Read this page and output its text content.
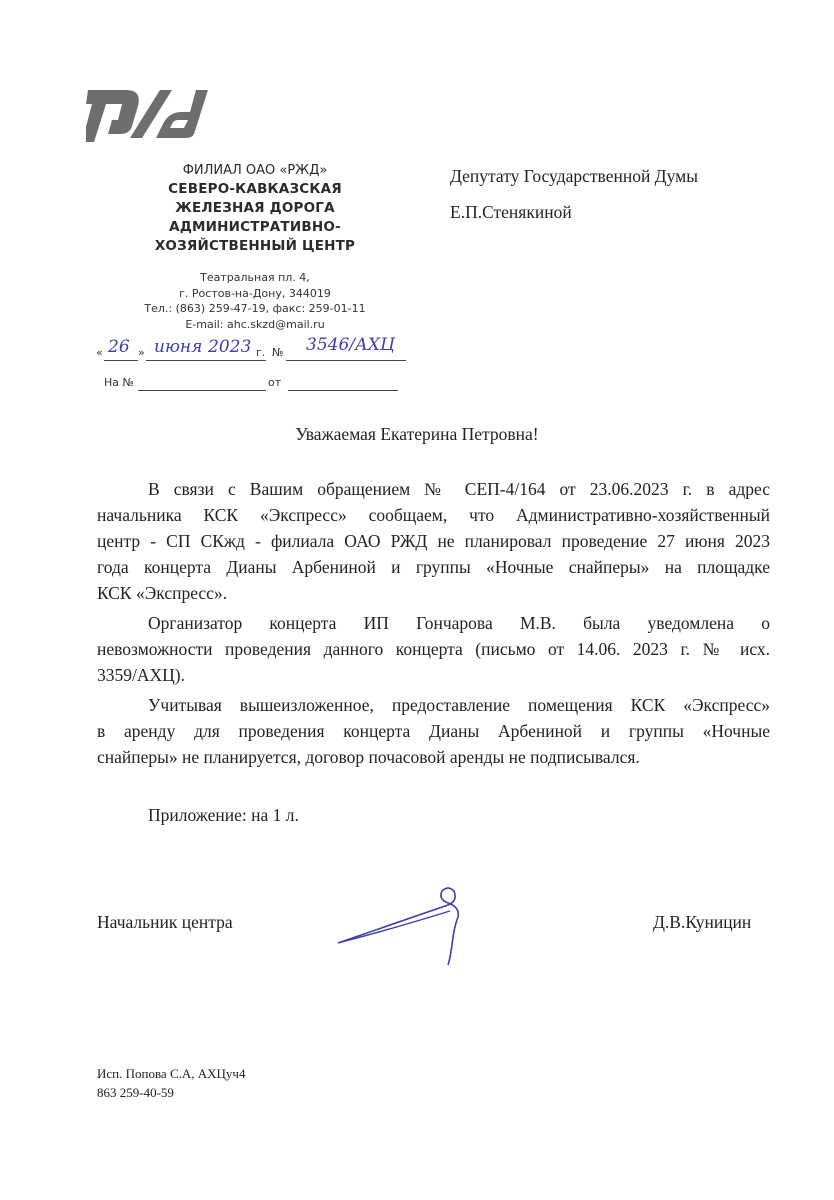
ФИЛИАЛ ОАО «РЖД»
СЕВЕРО-КАВКАЗСКАЯ
ЖЕЛЕЗНАЯ ДОРОГА
АДМИНИСТРАТИВНО-
ХОЗЯЙСТВЕННЫЙ ЦЕНТР
Театральная пл. 4,
г. Ростов-на-Дону, 344019
Тел.: (863) 259-47-19, факс: 259-01-11
E-mail: ahc.skzd@mail.ru
« 26 » июня 2023 г. № 3546/АХЦ
На №	от
Депутату Государственной Думы
Е.П.Стенякиной
Уважаемая Екатерина Петровна!
В связи с Вашим обращением № СЕП-4/164 от 23.06.2023 г. в адрес
начальника КСК «Экспресс» сообщаем, что Административно-хозяйственный
центр - СП СКжд - филиала ОАО РЖД не планировал проведение 27 июня 2023
года концерта Дианы Арбениной и группы «Ночные снайперы» на площадке
КСК «Экспресс».
Организатор концерта ИП Гончарова М.В. была уведомлена о
невозможности проведения данного концерта (письмо от 14.06. 2023 г. № исх.
3359/АХЦ).
Учитывая вышеизложенное, предоставление помещения КСК «Экспресс»
в аренду для проведения концерта Дианы Арбениной и группы «Ночные
снайперы» не планируется, договор почасовой аренды не подписывался.
Приложение: на 1 л.
Начальник центра	Д.В.Куницин
Исп. Попова С.А, АХЦуч4
863 259-40-59
